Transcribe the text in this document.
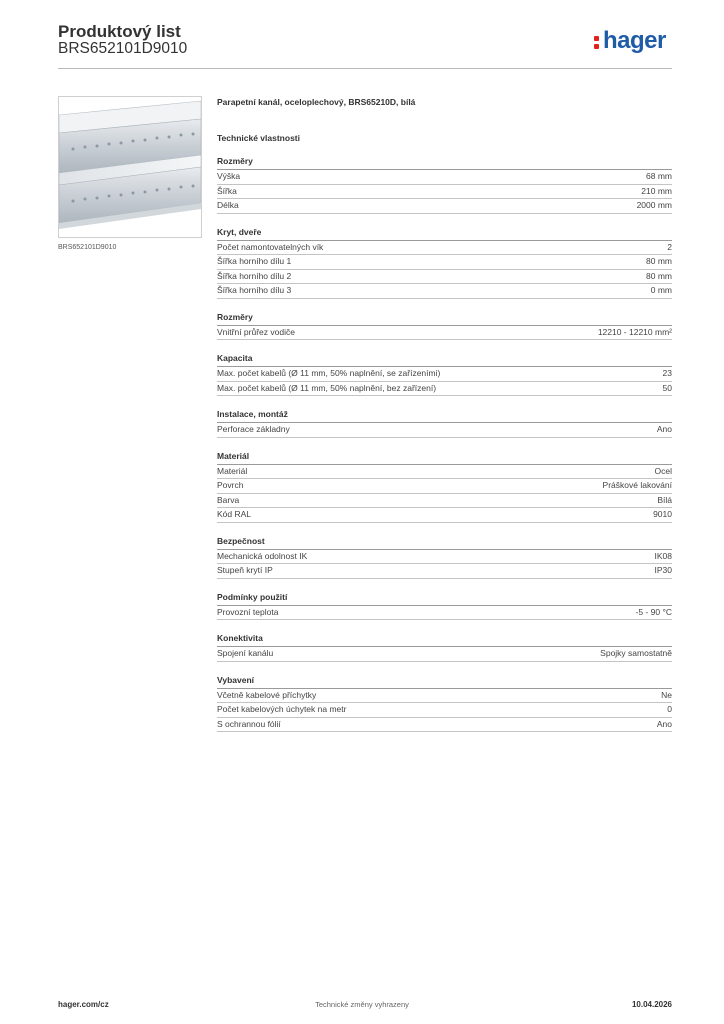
Produktový list
BRS652101D9010	hager
BRS652101D9010
Parapetní kanál, oceloplechový, BRS65210D, bílá
Technické vlastnosti
Rozměry
Výška	68 mm
Šířka	210 mm
Délka	2000 mm
Kryt, dveře
Počet namontovatelných vík	2
Šířka horního dílu 1	80 mm
Šířka horního dílu 2	80 mm
Šířka horního dílu 3	0 mm
Rozměry
Vnitřní průřez vodiče	12210 - 12210 mm²
Kapacita
Max. počet kabelů (Ø 11 mm, 50% naplnění, se zařízeními)	23
Max. počet kabelů (Ø 11 mm, 50% naplnění, bez zařízení)	50
Instalace, montáž
Perforace základny	Ano
Materiál
Materiál	Ocel
Povrch	Práškové lakování
Barva	Bílá
Kód RAL	9010
Bezpečnost
Mechanická odolnost IK	IK08
Stupeň krytí IP	IP30
Podmínky použití
Provozní teplota	-5 - 90 °C
Konektivita
Spojení kanálu	Spojky samostatně
Vybavení
Včetně kabelové příchytky	Ne
Počet kabelových úchytek na metr	0
S ochrannou fólií	Ano
Technické změny vyhrazeny
hager.com/cz	10.04.2026
